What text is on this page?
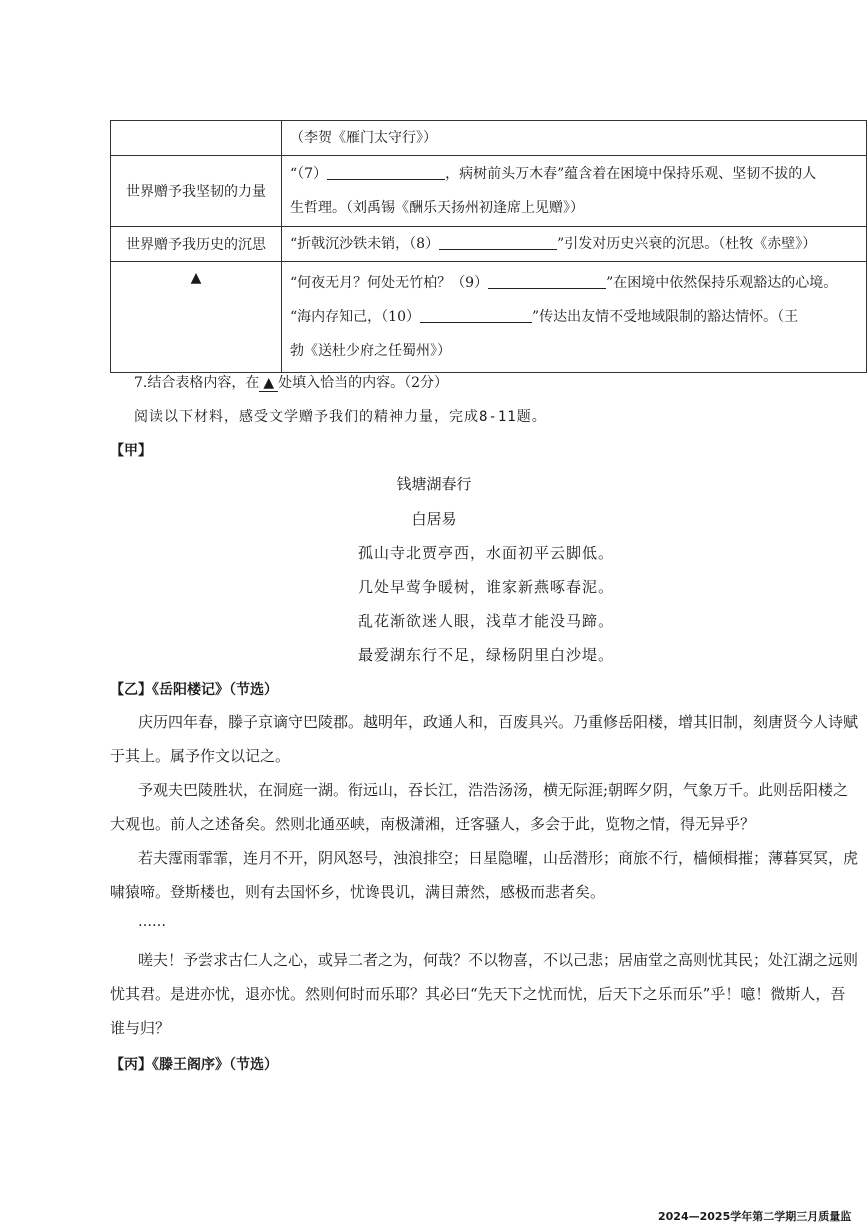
	（李贺《雁门太守行》）

世界赠予我坚韧的力量	“（7） ，病树前头万木春”蕴含着在困境中保持乐观、坚韧不拔的人
生哲理。（刘禹锡《酬乐天扬州初逢席上见赠》）

世界赠予我历史的沉思	“折戟沉沙铁未销，（8） ”引发对历史兴衰的沉思。（杜牧《赤壁》）

▲	“何夜无月？何处无竹柏？（9） ”在困境中依然保持乐观豁达的心境。
“海内存知己，（10） ”传达出友情不受地域限制的豁达情怀。（王
勃《送杜少府之任蜀州》）
7.结合表格内容，在 ▲ 处填入恰当的内容。（2分）
阅读以下材料，感受文学赠予我们的精神力量，完成8-11题。
【甲】
钱塘湖春行
白居易
孤山寺北贾亭西，水面初平云脚低。
几处早莺争暖树，谁家新燕啄春泥。
乱花渐欲迷人眼，浅草才能没马蹄。
最爱湖东行不足，绿杨阴里白沙堤。
【乙】《岳阳楼记》（节选）
庆历四年春，滕子京谪守巴陵郡。越明年，政通人和，百废具兴。乃重修岳阳楼，增其旧制，刻唐贤今人诗赋于其上。属予作文以记之。
予观夫巴陵胜状，在洞庭一湖。衔远山，吞长江，浩浩汤汤，横无际涯;朝晖夕阴，气象万千。此则岳阳楼之大观也。前人之述备矣。然则北通巫峡，南极潇湘，迁客骚人，多会于此，览物之情，得无异乎？
若夫霪雨霏霏，连月不开，阴风怒号，浊浪排空；日星隐曜，山岳潜形；商旅不行，樯倾楫摧；薄暮冥冥，虎啸猿啼。登斯楼也，则有去国怀乡，忧谗畏讥，满目萧然，感极而悲者矣。
……
嗟夫！予尝求古仁人之心，或异二者之为，何哉？不以物喜，不以己悲；居庙堂之高则忧其民；处江湖之远则忧其君。是进亦忧，退亦忧。然则何时而乐耶？其必曰“先天下之忧而忧，后天下之乐而乐”乎！噫！微斯人，吾谁与归？
【丙】《滕王阁序》（节选）
2024—2025学年第二学期三月质量监
